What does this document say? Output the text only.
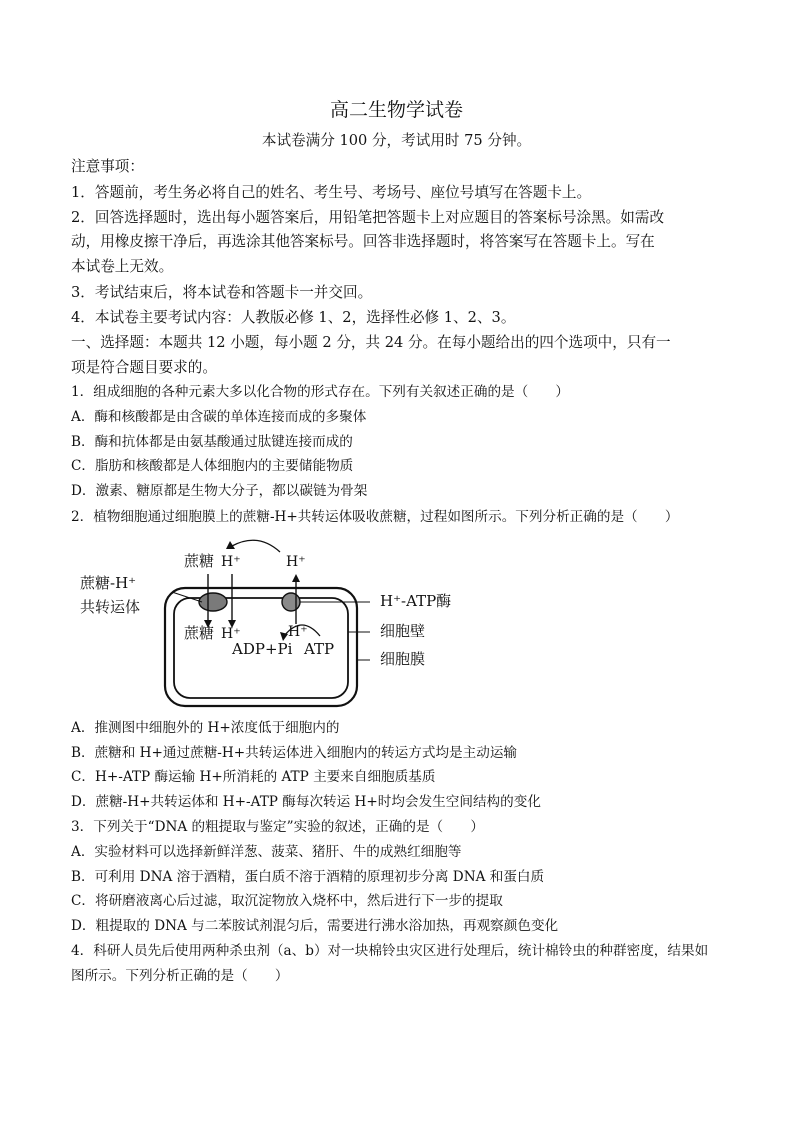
高二生物学试卷
本试卷满分 100 分，考试用时 75 分钟。
注意事项：
1．答题前，考生务必将自己的姓名、考生号、考场号、座位号填写在答题卡上。
2．回答选择题时，选出每小题答案后，用铅笔把答题卡上对应题目的答案标号涂黑。如需改
动，用橡皮擦干净后，再选涂其他答案标号。回答非选择题时，将答案写在答题卡上。写在
本试卷上无效。
3．考试结束后，将本试卷和答题卡一并交回。
4．本试卷主要考试内容：人教版必修 1、2，选择性必修 1、2、3。
一、选择题：本题共 12 小题，每小题 2 分，共 24 分。在每小题给出的四个选项中，只有一
项是符合题目要求的。
1．组成细胞的各种元素大多以化合物的形式存在。下列有关叙述正确的是（　　）
A．酶和核酸都是由含碳的单体连接而成的多聚体
B．酶和抗体都是由氨基酸通过肽键连接而成的
C．脂肪和核酸都是人体细胞内的主要储能物质
D．激素、糖原都是生物大分子，都以碳链为骨架
2．植物细胞通过细胞膜上的蔗糖-H+共转运体吸收蔗糖，过程如图所示。下列分析正确的是（　　）
蔗糖 H⁺	H⁺
蔗糖-H⁺
共转运体	H⁺-ATP酶
蔗糖 H⁺	H⁺
ADP+Pi ATP
细胞壁
细胞膜
A．推测图中细胞外的 H+浓度低于细胞内的
B．蔗糖和 H+通过蔗糖-H+共转运体进入细胞内的转运方式均是主动运输
C．H+-ATP 酶运输 H+所消耗的 ATP 主要来自细胞质基质
D．蔗糖-H+共转运体和 H+-ATP 酶每次转运 H+时均会发生空间结构的变化
3．下列关于“DNA 的粗提取与鉴定”实验的叙述，正确的是（　　）
A．实验材料可以选择新鲜洋葱、菠菜、猪肝、牛的成熟红细胞等
B．可利用 DNA 溶于酒精，蛋白质不溶于酒精的原理初步分离 DNA 和蛋白质
C．将研磨液离心后过滤，取沉淀物放入烧杯中，然后进行下一步的提取
D．粗提取的 DNA 与二苯胺试剂混匀后，需要进行沸水浴加热，再观察颜色变化
4．科研人员先后使用两种杀虫剂（a、b）对一块棉铃虫灾区进行处理后，统计棉铃虫的种群密度，结果如
图所示。下列分析正确的是（　　）
